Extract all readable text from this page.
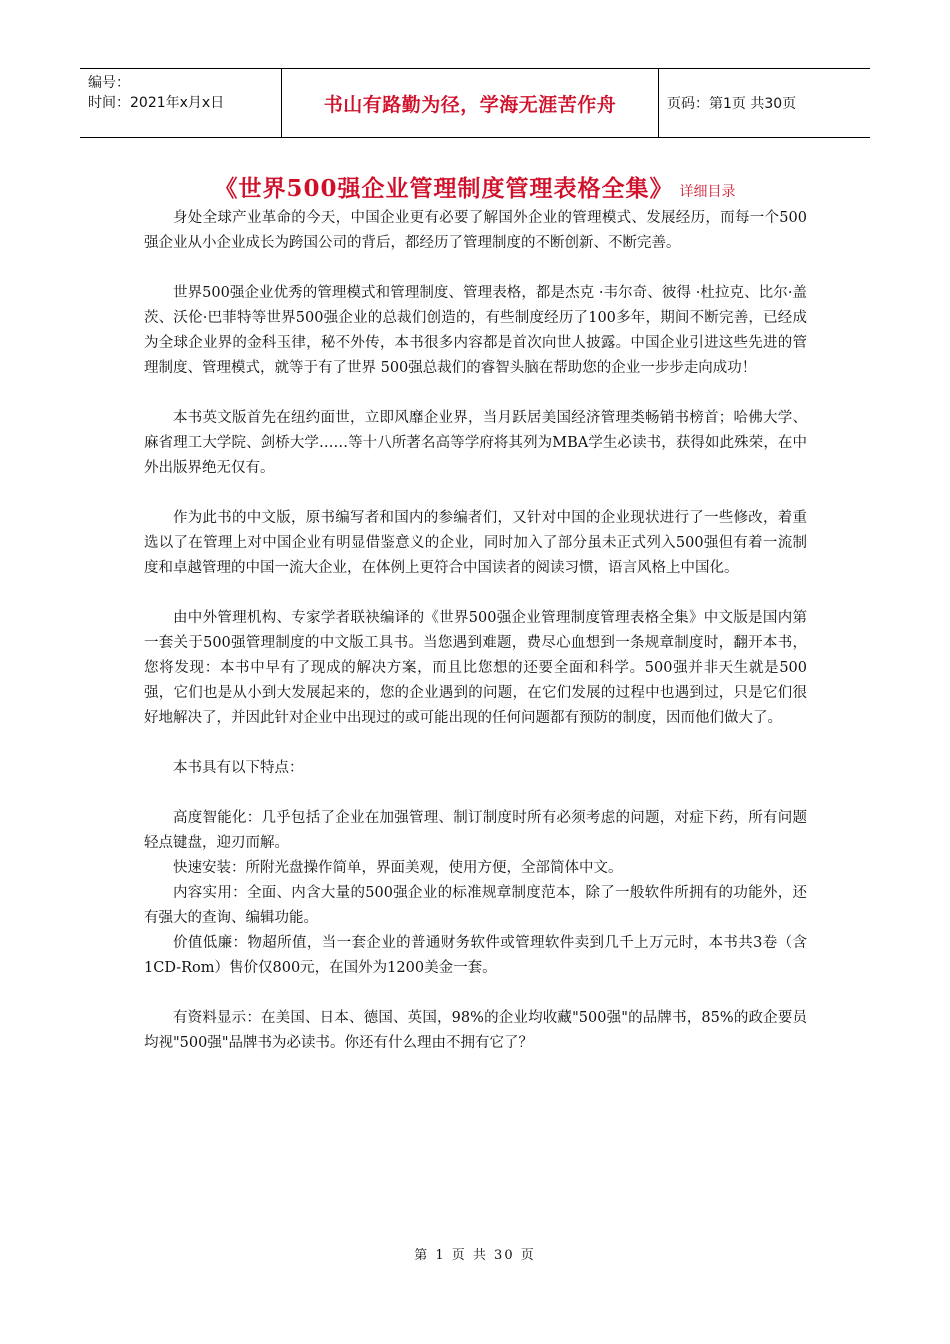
编号：
时间：2021年x月x日	书山有路勤为径，学海无涯苦作舟	页码：第1页 共30页
《世界500强企业管理制度管理表格全集》 详细目录

身处全球产业革命的今天，中国企业更有必要了解国外企业的管理模式、发展经历，而每一个500强企业从小企业成长为跨国公司的背后，都经历了管理制度的不断创新、不断完善。

世界500强企业优秀的管理模式和管理制度、管理表格，都是杰克 ·韦尔奇、彼得 ·杜拉克、比尔·盖茨、沃伦·巴菲特等世界500强企业的总裁们创造的，有些制度经历了100多年，期间不断完善，已经成为全球企业界的金科玉律，秘不外传，本书很多内容都是首次向世人披露。中国企业引进这些先进的管理制度、管理模式，就等于有了世界 500强总裁们的睿智头脑在帮助您的企业一步步走向成功！

本书英文版首先在纽约面世，立即风靡企业界，当月跃居美国经济管理类畅销书榜首；哈佛大学、麻省理工大学院、剑桥大学……等十八所著名高等学府将其列为MBA学生必读书，获得如此殊荣，在中外出版界绝无仅有。

作为此书的中文版，原书编写者和国内的参编者们，又针对中国的企业现状进行了一些修改，着重选以了在管理上对中国企业有明显借鉴意义的企业，同时加入了部分虽未正式列入500强但有着一流制度和卓越管理的中国一流大企业，在体例上更符合中国读者的阅读习惯，语言风格上中国化。

由中外管理机构、专家学者联袂编译的《世界500强企业管理制度管理表格全集》中文版是国内第一套关于500强管理制度的中文版工具书。当您遇到难题，费尽心血想到一条规章制度时，翻开本书，您将发现：本书中早有了现成的解决方案，而且比您想的还要全面和科学。500强并非天生就是500强，它们也是从小到大发展起来的，您的企业遇到的问题，在它们发展的过程中也遇到过，只是它们很好地解决了，并因此针对企业中出现过的或可能出现的任何问题都有预防的制度，因而他们做大了。

本书具有以下特点：

高度智能化：几乎包括了企业在加强管理、制订制度时所有必须考虑的问题，对症下药，所有问题轻点键盘，迎刃而解。

快速安装：所附光盘操作简单，界面美观，使用方便，全部简体中文。

内容实用：全面、内含大量的500强企业的标准规章制度范本，除了一般软件所拥有的功能外，还有强大的查询、编辑功能。

价值低廉：物超所值，当一套企业的普通财务软件或管理软件卖到几千上万元时，本书共3卷（含1CD-Rom）售价仅800元，在国外为1200美金一套。

有资料显示：在美国、日本、德国、英国，98%的企业均收藏"500强"的品牌书，85%的政企要员均视"500强"品牌书为必读书。你还有什么理由不拥有它了？

第 1 页 共 30 页
